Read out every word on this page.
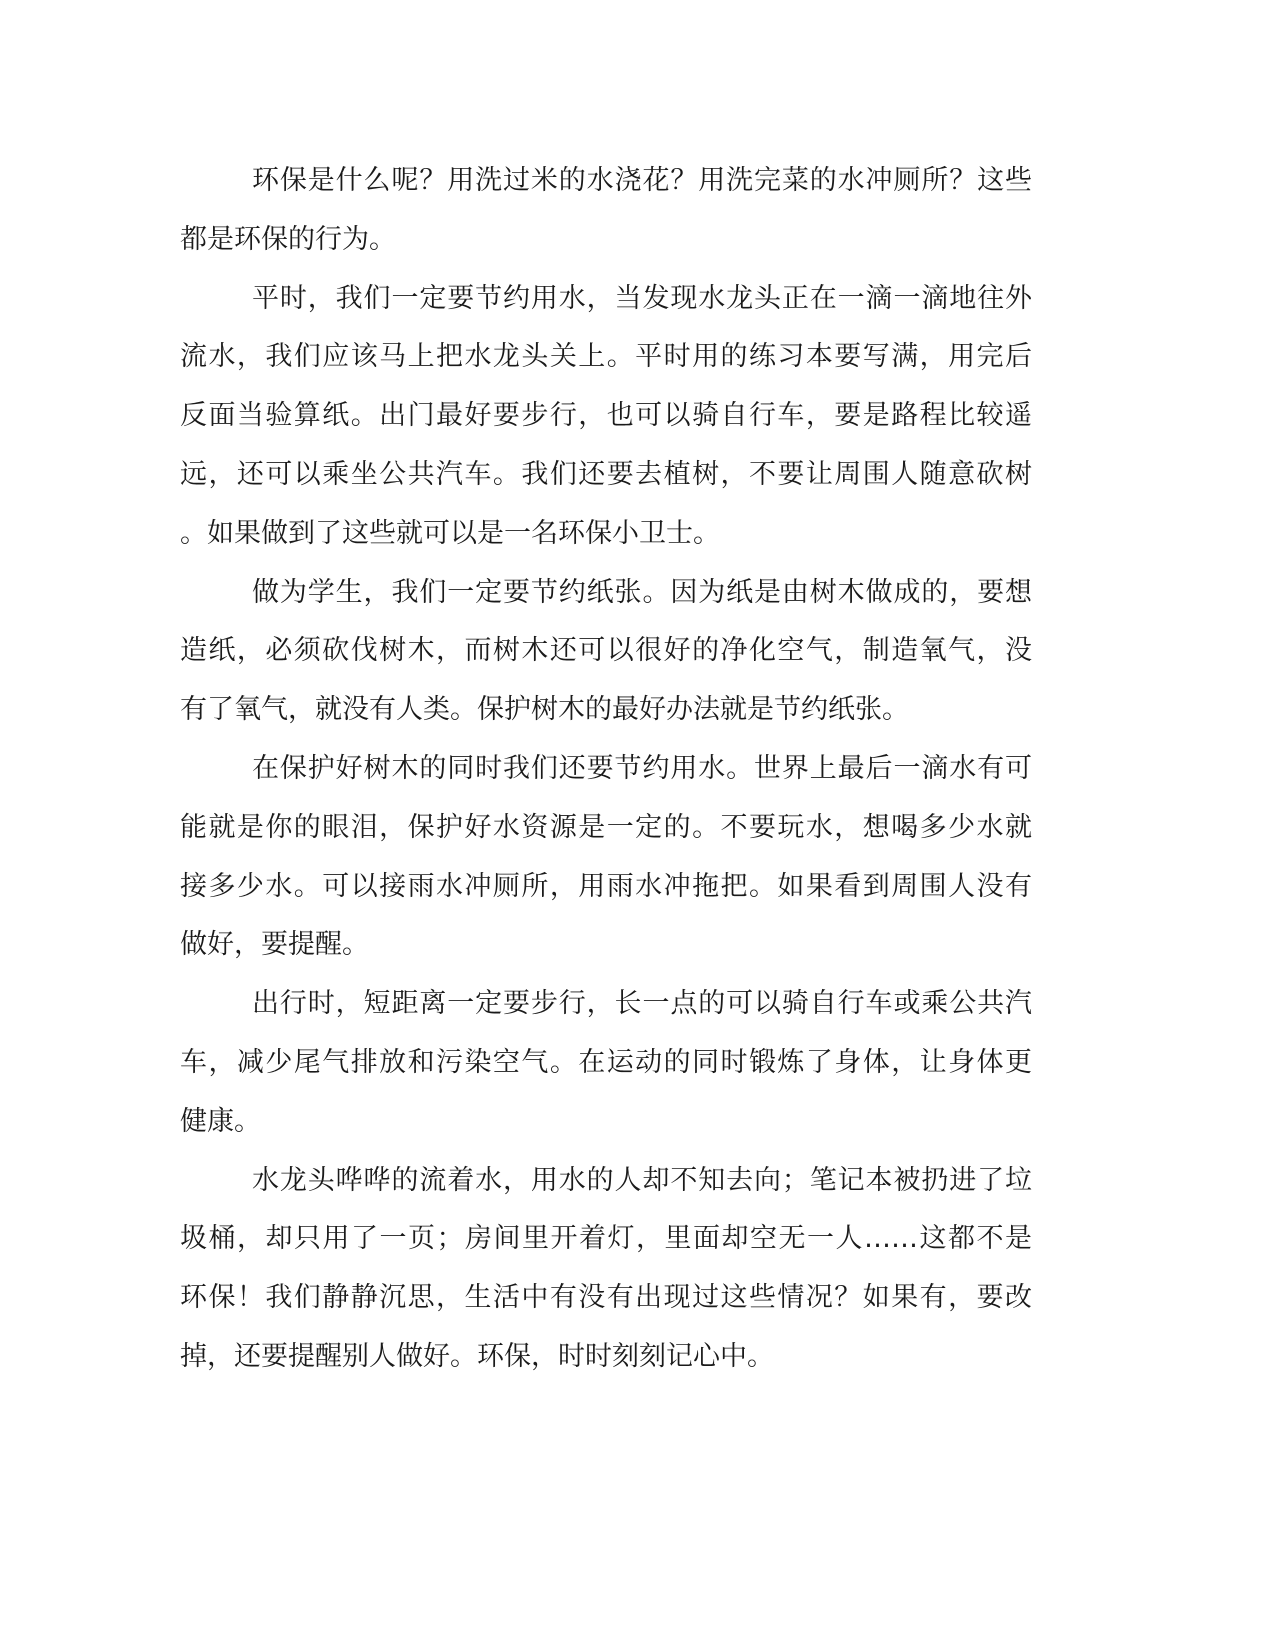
环保是什么呢？用洗过米的水浇花？用洗完菜的水冲厕所？这些
都是环保的行为。
平时，我们一定要节约用水，当发现水龙头正在一滴一滴地往外
流水，我们应该马上把水龙头关上。平时用的练习本要写满，用完后
反面当验算纸。出门最好要步行，也可以骑自行车，要是路程比较遥
远，还可以乘坐公共汽车。我们还要去植树，不要让周围人随意砍树
。如果做到了这些就可以是一名环保小卫士。
做为学生，我们一定要节约纸张。因为纸是由树木做成的，要想
造纸，必须砍伐树木，而树木还可以很好的净化空气，制造氧气，没
有了氧气，就没有人类。保护树木的最好办法就是节约纸张。
在保护好树木的同时我们还要节约用水。世界上最后一滴水有可
能就是你的眼泪，保护好水资源是一定的。不要玩水，想喝多少水就
接多少水。可以接雨水冲厕所，用雨水冲拖把。如果看到周围人没有
做好，要提醒。
出行时，短距离一定要步行，长一点的可以骑自行车或乘公共汽
车，减少尾气排放和污染空气。在运动的同时锻炼了身体，让身体更
健康。
水龙头哗哗的流着水，用水的人却不知去向；笔记本被扔进了垃
圾桶，却只用了一页；房间里开着灯，里面却空无一人……这都不是
环保！我们静静沉思，生活中有没有出现过这些情况？如果有，要改
掉，还要提醒别人做好。环保，时时刻刻记心中。
